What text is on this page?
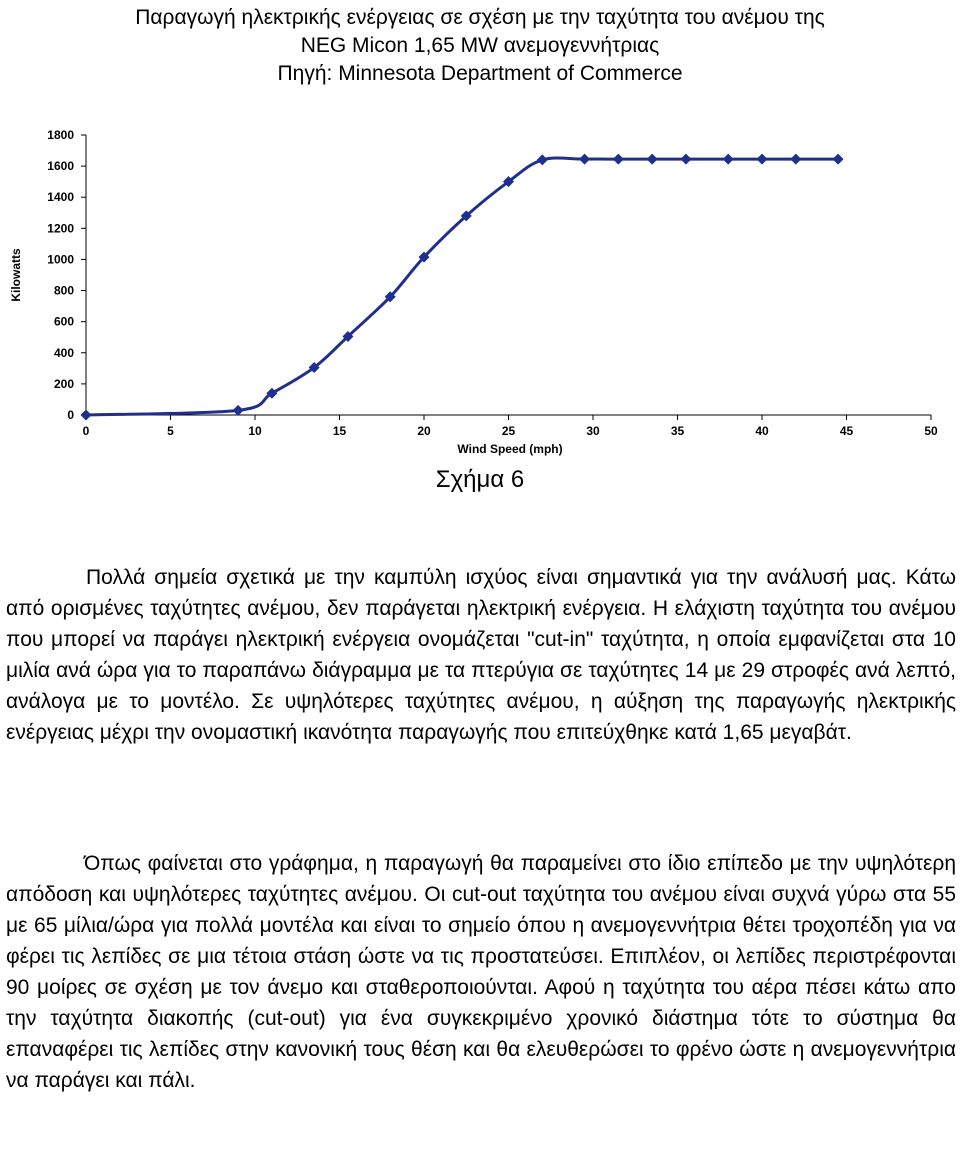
Παραγωγή ηλεκτρικής ενέργειας σε σχέση με την ταχύτητα του ανέμου της
NEG Micon 1,65 MW ανεμογεννήτριας
Πηγή: Minnesota Department of Commerce
0
200
400
600
800
1000
1200
1400
1600
1800
0	5	10	15	20	25	30	35	40	45	50
Wind Speed (mph)
Kilowatts
Σχήμα 6
Πολλά σημεία σχετικά με την καμπύλη ισχύος είναι σημαντικά για την ανάλυσή μας. Κάτω από ορισμένες ταχύτητες ανέμου, δεν παράγεται ηλεκτρική ενέργεια. Η ελάχιστη ταχύτητα του ανέμου που μπορεί να παράγει ηλεκτρική ενέργεια ονομάζεται "cut-in" ταχύτητα, η οποία εμφανίζεται στα 10 μιλία ανά ώρα για το παραπάνω διάγραμμα με τα πτερύγια σε ταχύτητες 14 με 29 στροφές ανά λεπτό, ανάλογα με το μοντέλο. Σε υψηλότερες ταχύτητες ανέμου, η αύξηση της παραγωγής ηλεκτρικής ενέργειας μέχρι την ονομαστική ικανότητα παραγωγής που επιτεύχθηκε κατά 1,65 μεγαβάτ.
Όπως φαίνεται στο γράφημα, η παραγωγή θα παραμείνει στο ίδιο επίπεδο με την υψηλότερη απόδοση και υψηλότερες ταχύτητες ανέμου. Οι cut-out ταχύτητα του ανέμου είναι συχνά γύρω στα 55 με 65 μίλια/ώρα για πολλά μοντέλα και είναι το σημείο όπου η ανεμογεννήτρια θέτει τροχοπέδη για να φέρει τις λεπίδες σε μια τέτοια στάση ώστε να τις προστατεύσει. Επιπλέον, οι λεπίδες περιστρέφονται 90 μοίρες σε σχέση με τον άνεμο και σταθεροποιούνται. Αφού η ταχύτητα του αέρα πέσει κάτω απο την ταχύτητα διακοπής (cut-out) για ένα συγκεκριμένο χρονικό διάστημα τότε το σύστημα θα επαναφέρει τις λεπίδες στην κανονική τους θέση και θα ελευθερώσει το φρένο ώστε η ανεμογεννήτρια να παράγει και πάλι.
